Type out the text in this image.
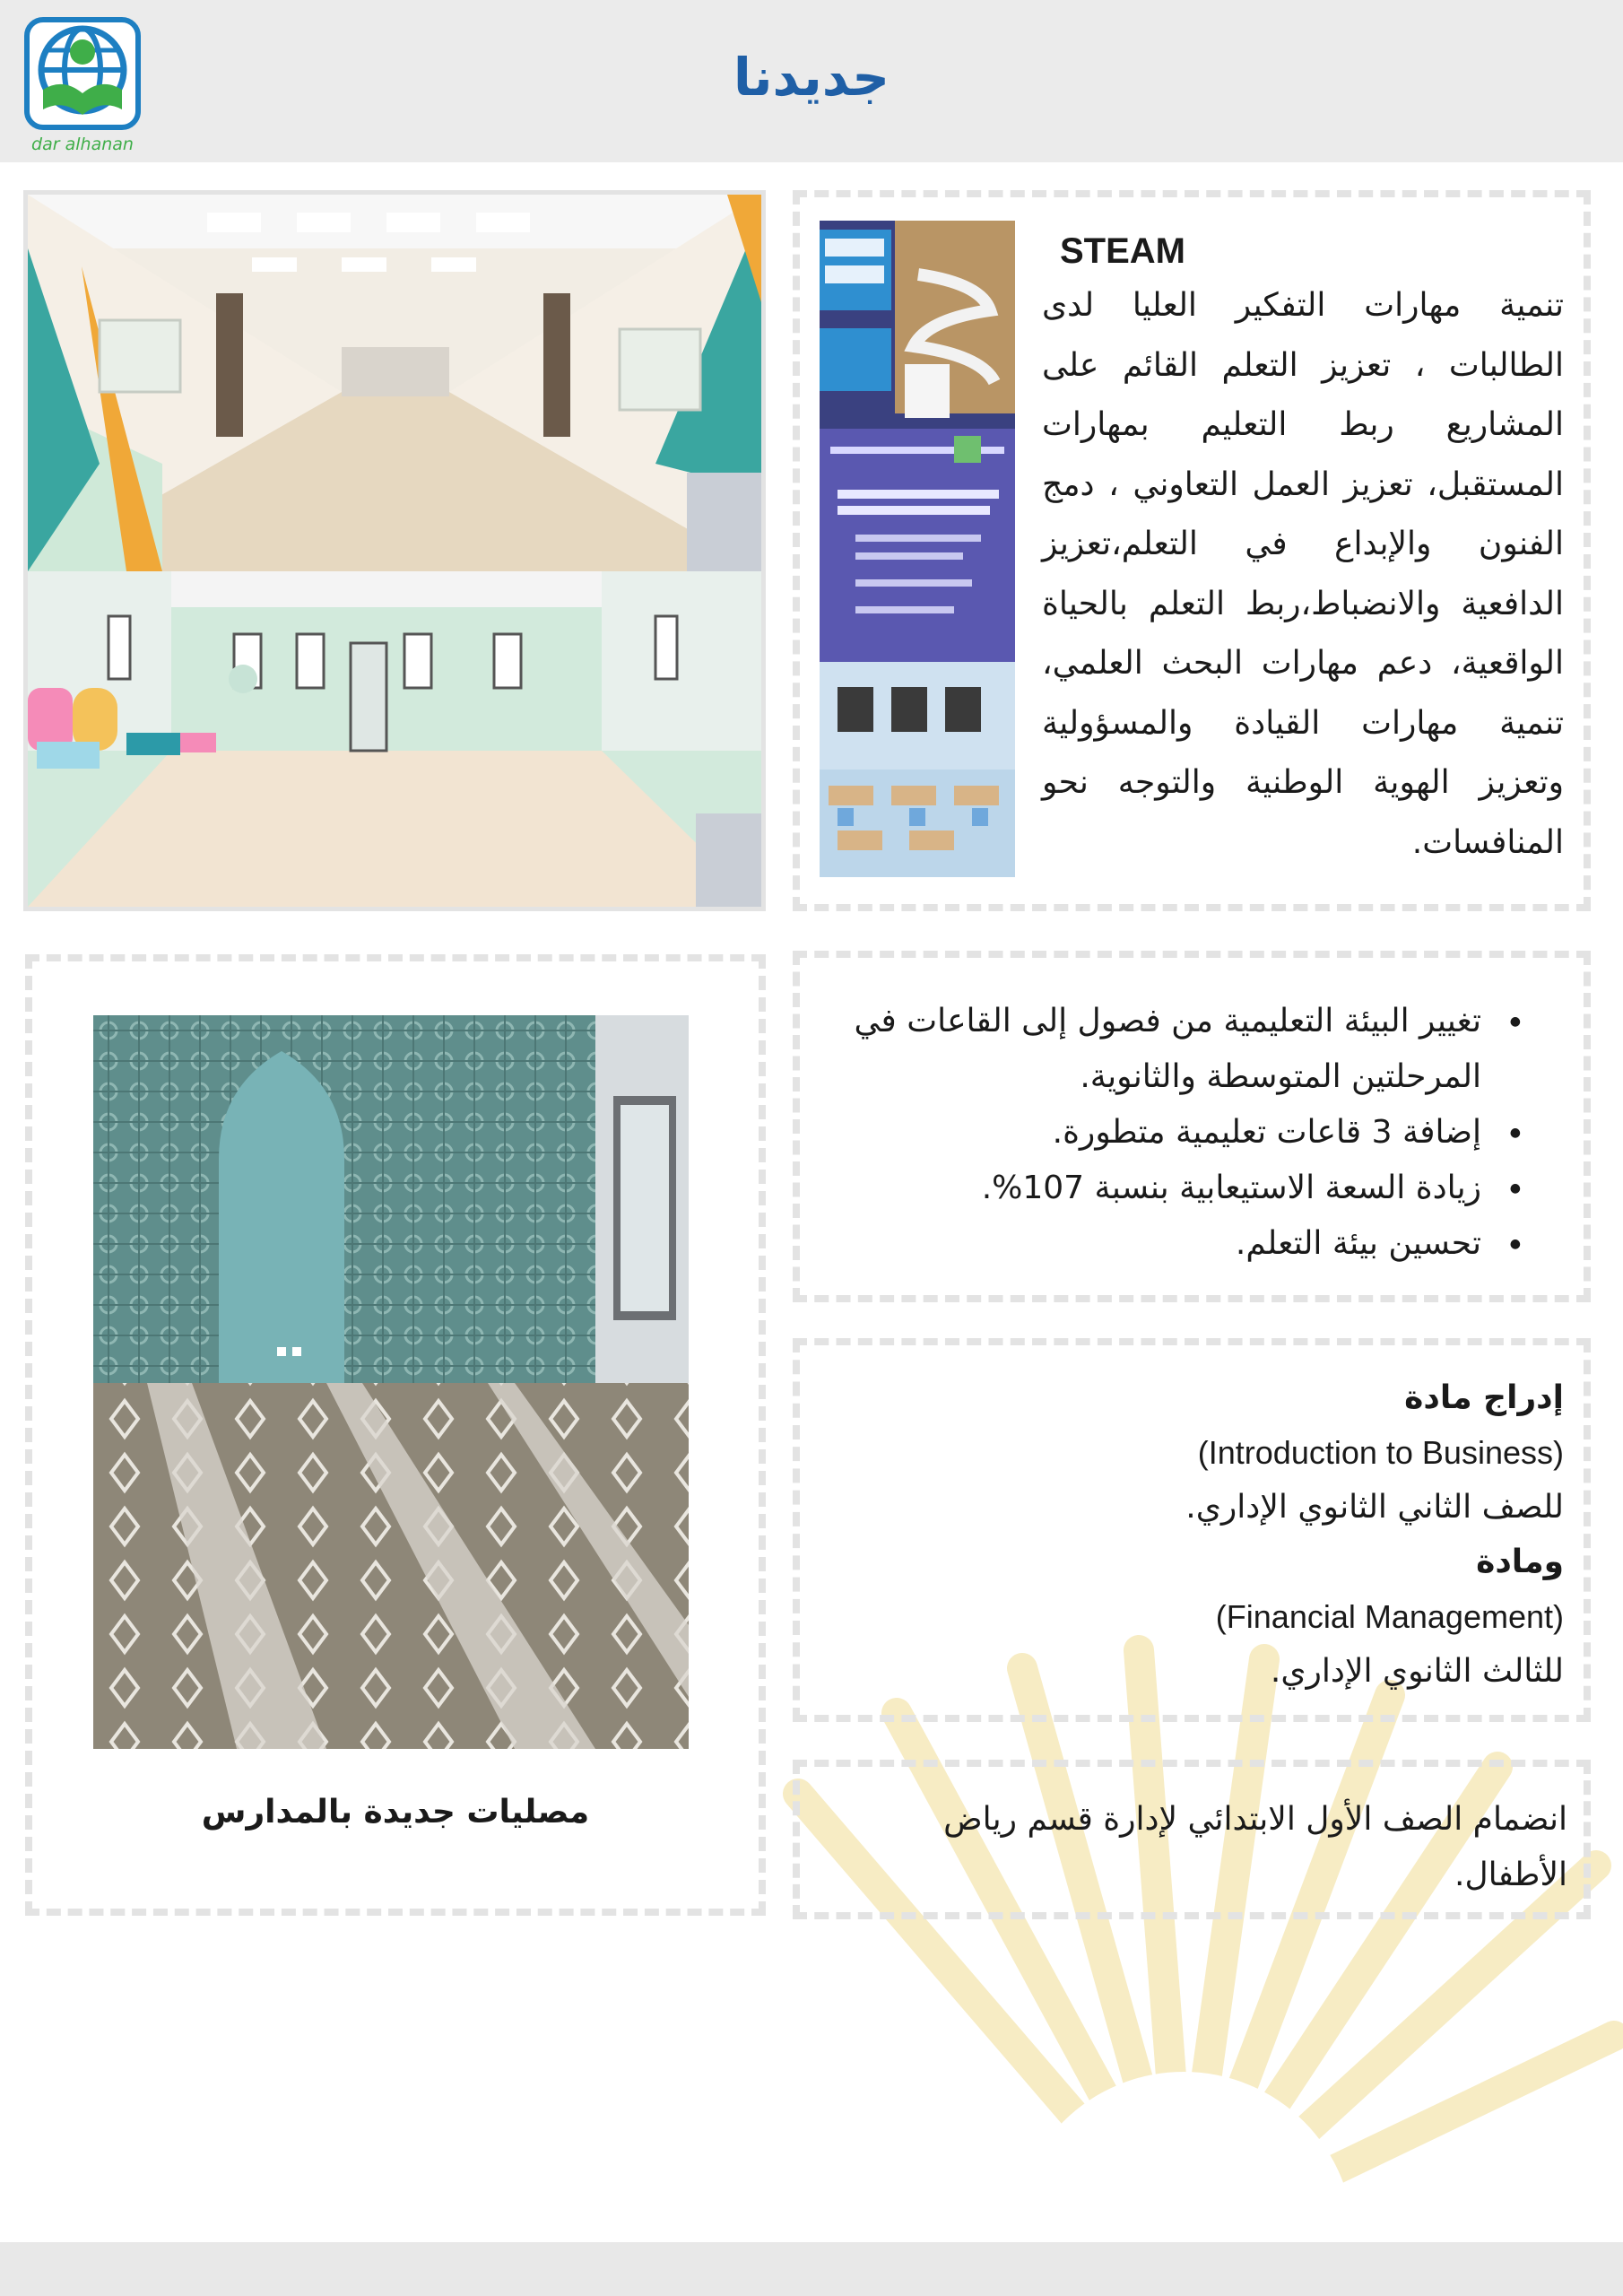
dar alhanan
جديدنا
STEAM
تنمية مهارات التفكير العليا لدى الطالبات ، تعزيز التعلم القائم على المشاريع ربط التعليم بمهارات المستقبل، تعزيز العمل التعاوني ، دمج الفنون والإبداع في التعلم،تعزيز الدافعية والانضباط،ربط التعلم بالحياة الواقعية، دعم مهارات البحث العلمي، تنمية مهارات القيادة والمسؤولية وتعزيز الهوية الوطنية والتوجه نحو المنافسات.
● تغيير البيئة التعليمية من فصول إلى القاعات في المرحلتين المتوسطة والثانوية.
● إضافة 3 قاعات تعليمية متطورة.
● زيادة السعة الاستيعابية بنسبة 107%.
● تحسين بيئة التعلم.
إدراج مادة
(Introduction to Business)
للصف الثاني الثانوي الإداري.
ومادة
(Financial Management)
للثالث الثانوي الإداري.
انضمام الصف الأول الابتدائي لإدارة قسم رياض الأطفال.
مصليات جديدة بالمدارس
